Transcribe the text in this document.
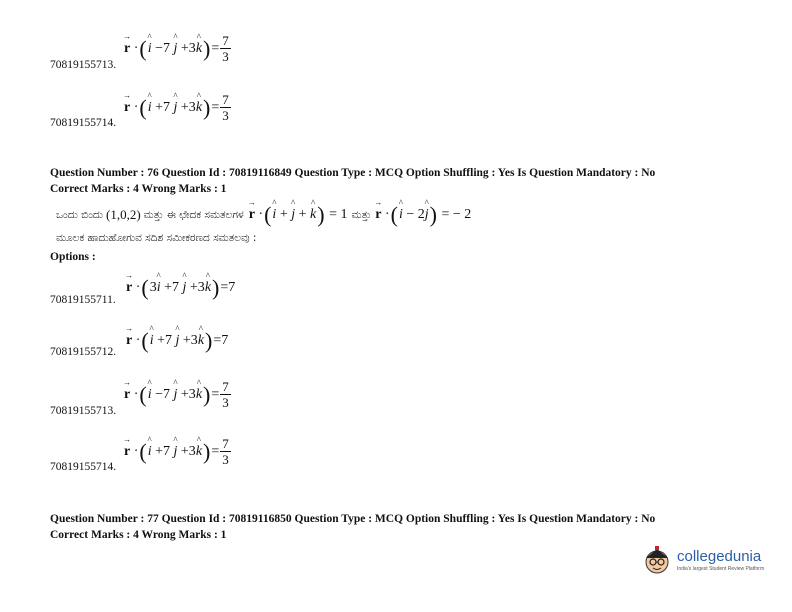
→ r · ( ^ i −7 ^ j +3 ^ k ) = $\frac{7}{3}$
70819155713.
→ r · ( ^ i +7 ^ j +3 ^ k ) = $\frac{7}{3}$
70819155714.
Question Number : 76 Question Id : 70819116849 Question Type : MCQ Option Shuffling : Yes Is Question Mandatory : No
Correct Marks : 4 Wrong Marks : 1
ಒಂದು ಬಿಂದು (1,0,2) ಮತ್ತು ಈ ಛೇದಕ ಸಮತಲಗಳ → r · ( ^ i + ^ j + ^ k )
= 1 ಮತ್ತು → r · ( ^ i − 2 ^ j )
= − 2
ಮೂಲಕ ಹಾದುಹೋಗುವ ಸದಿಶ ಸಮೀಕರಣದ ಸಮತಲವು :
Options :
→ r · ( 3 ^ i +7 ^ j +3 ^ k ) =7
70819155711.
→ r · ( ^ i +7 ^ j +3 ^ k ) =7
70819155712.
→ r · ( ^ i −7 ^ j +3 ^ k ) = $\frac{7}{3}$
70819155713.
→ r · ( ^ i +7 ^ j +3 ^ k ) = $\frac{7}{3}$
70819155714.
Question Number : 77 Question Id : 70819116850 Question Type : MCQ Option Shuffling : Yes Is Question Mandatory : No
Correct Marks : 4 Wrong Marks : 1
collegedunia
India's largest Student Review Platform
